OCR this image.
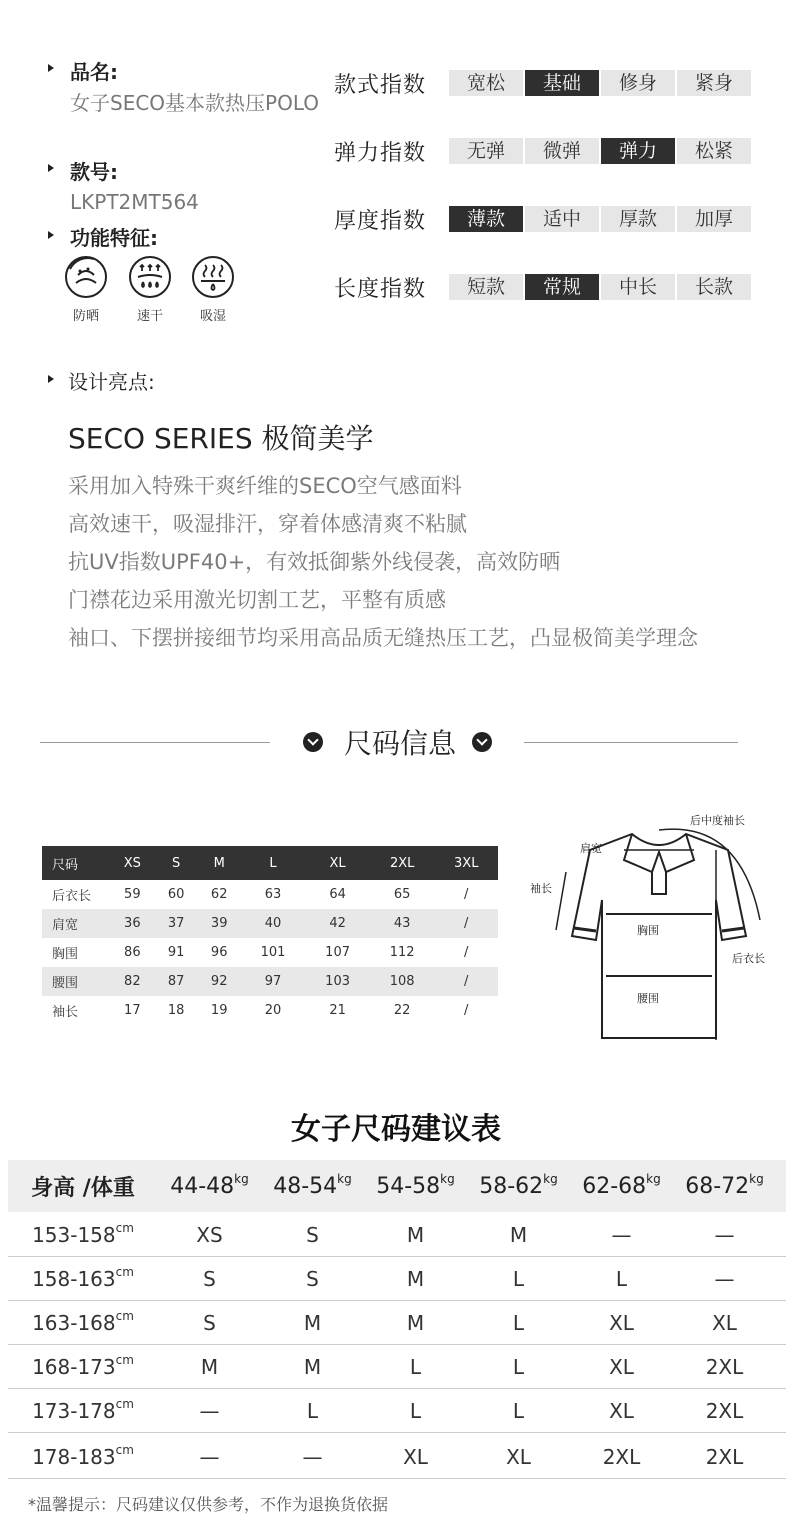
品名:
女子SECO基本款热压POLO
款号:
LKPT2MT564
功能特征:
防晒	速干	吸湿
款式指数	宽松	基础	修身	紧身
弹力指数	无弹	微弹	弹力	松紧
厚度指数	薄款	适中	厚款	加厚
长度指数	短款	常规	中长	长款
设计亮点:
SECO SERIES 极简美学
采用加入特殊干爽纤维的SECO空气感面料
高效速干，吸湿排汗，穿着体感清爽不粘腻
抗UV指数UPF40+，有效抵御紫外线侵袭，高效防晒
门襟花边采用激光切割工艺，平整有质感
袖口、下摆拼接细节均采用高品质无缝热压工艺，凸显极简美学理念
尺码信息
尺码	XS	S	M	L	XL	2XL	3XL
后衣长	59	60	62	63	64	65	/
肩宽	36	37	39	40	42	43	/
胸围	86	91	96	101	107	112	/
腰围	82	87	92	97	103	108	/
袖长	17	18	19	20	21	22	/
后中度袖长
肩宽
袖长
胸围
后衣长
腰围
女子尺码建议表
身高 /体重	$44-48^{kg}$	$48-54^{kg}$	$54-58^{kg}$	$58-62^{kg}$	$62-68^{kg}$	$68-72^{kg}$
$153-158^{cm}$	XS	S	M	M	—	—
$158-163^{cm}$	S	S	M	L	L	—
$163-168^{cm}$	S	M	M	L	XL	XL
$168-173^{cm}$	M	M	L	L	XL	2XL
$173-178^{cm}$	—	L	L	L	XL	2XL
$178-183^{cm}$	—	—	XL	XL	2XL	2XL
*温馨提示：尺码建议仅供参考，不作为退换货依据
